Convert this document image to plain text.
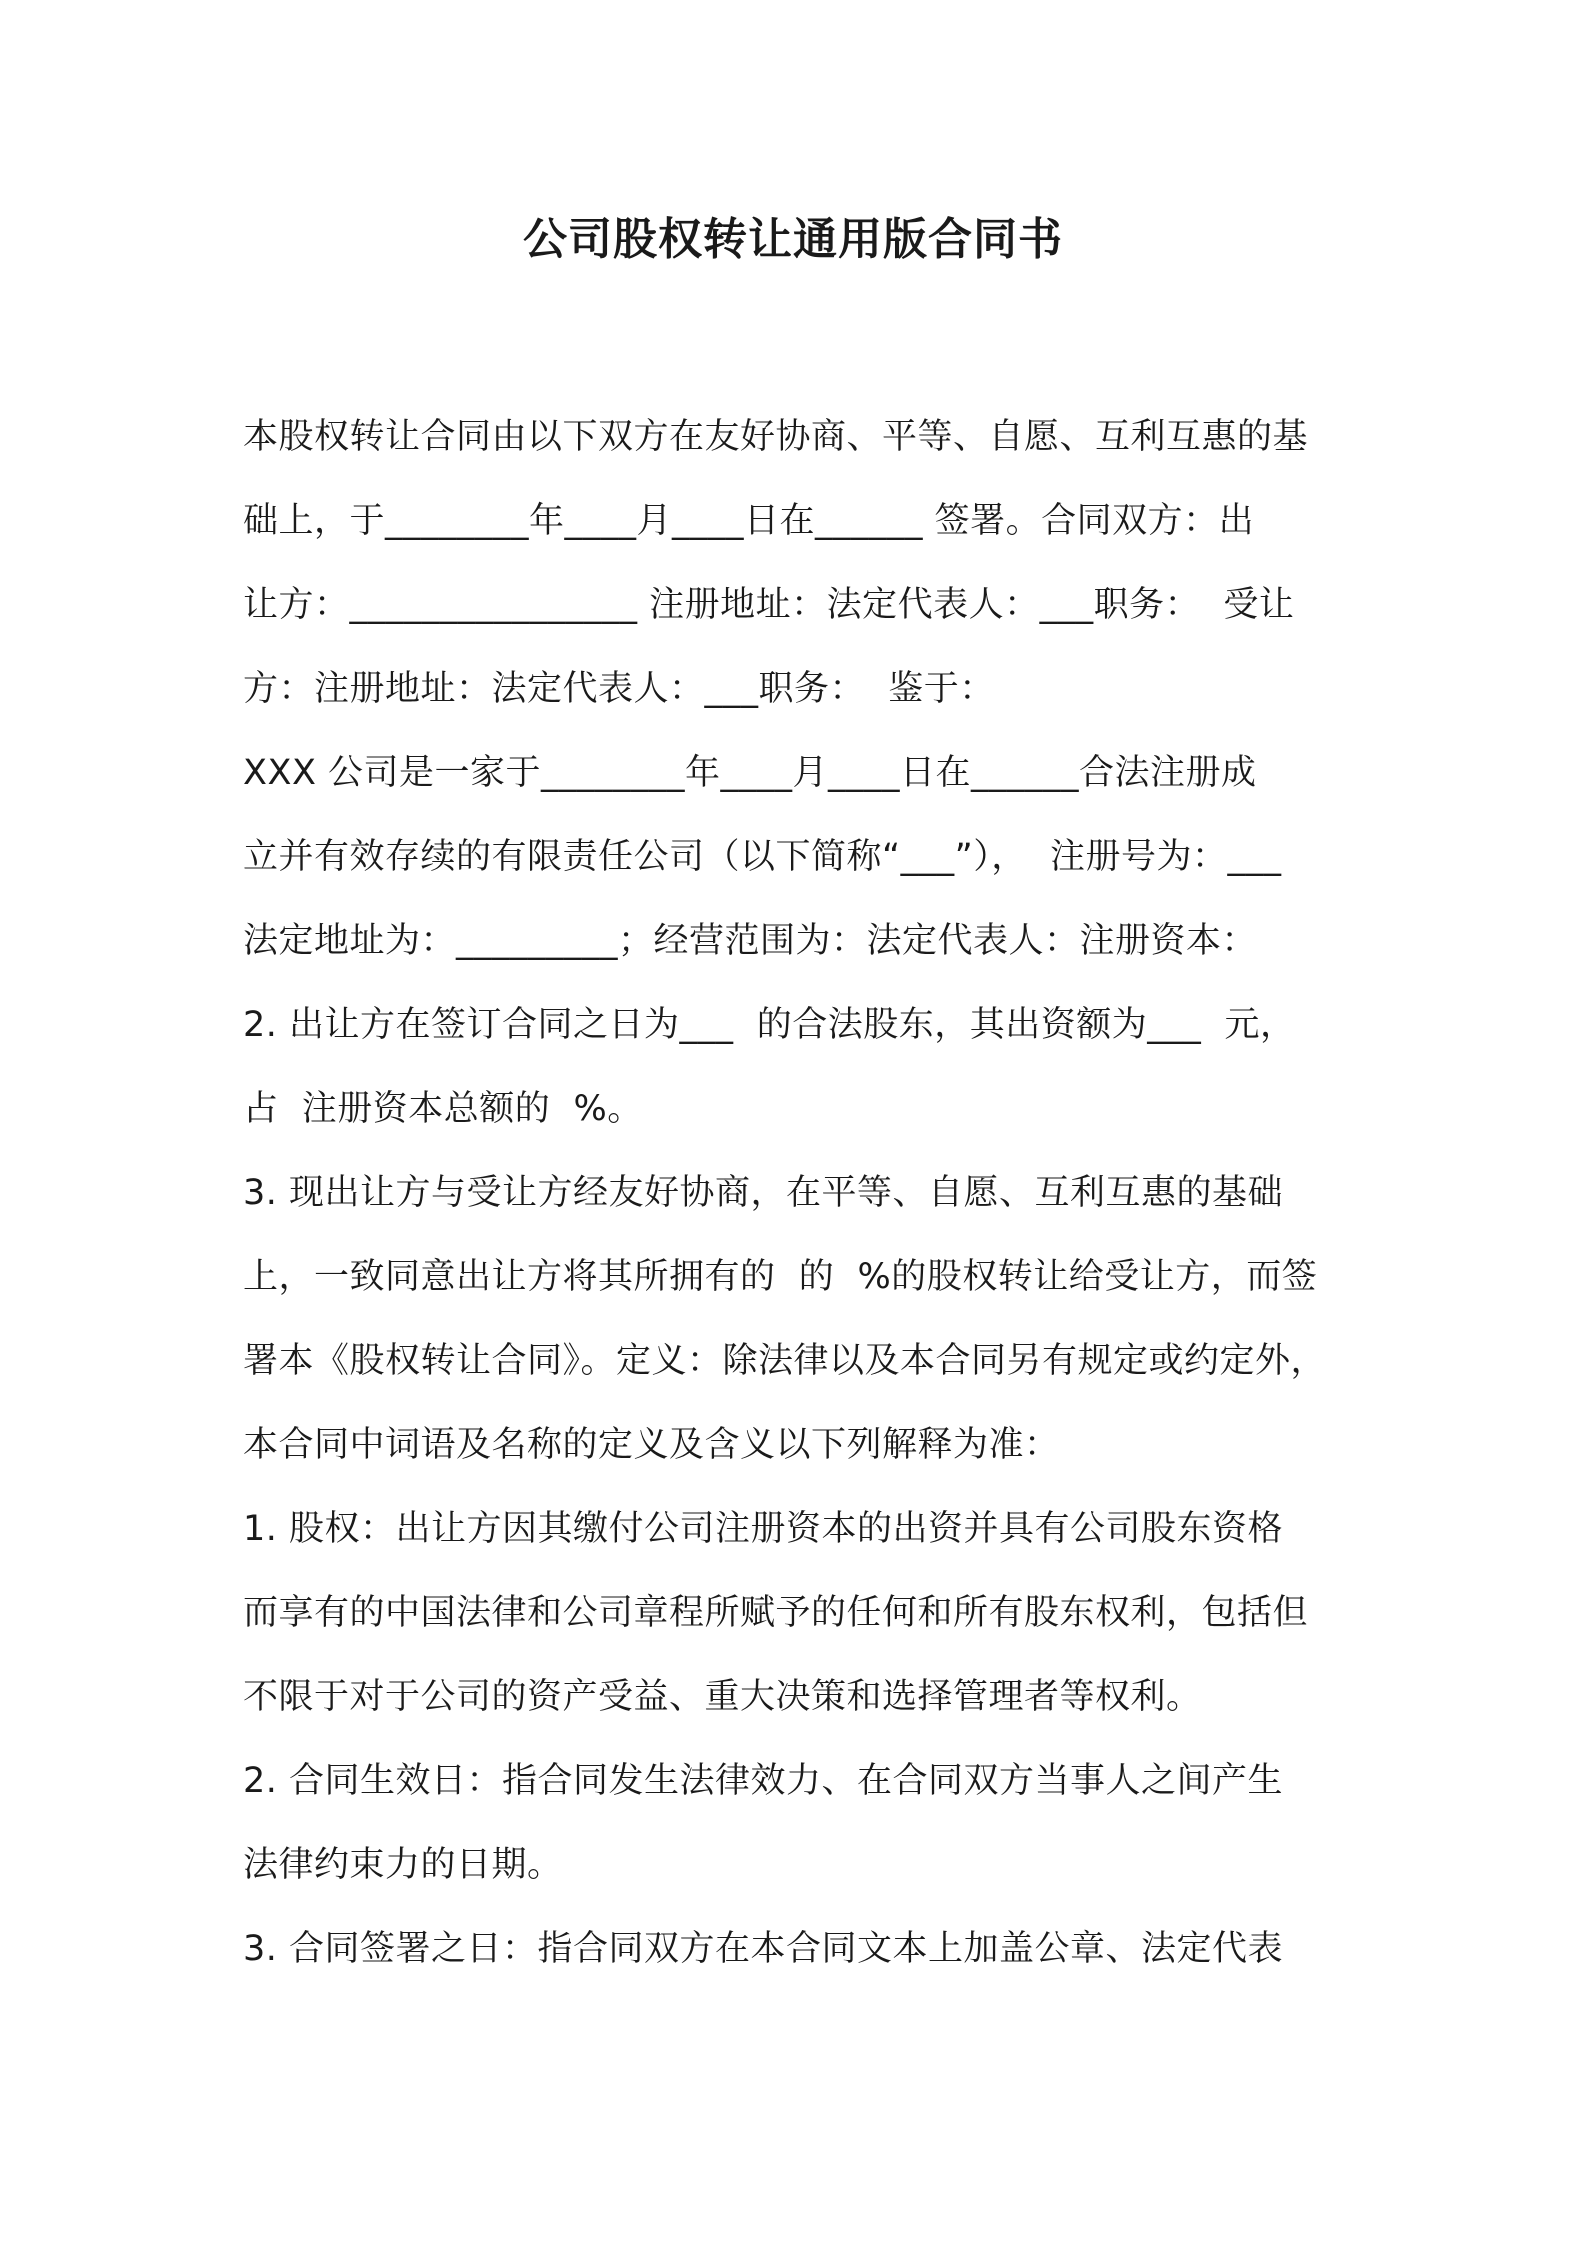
公司股权转让通用版合同书
本股权转让合同由以下双方在友好协商、平等、自愿、互利互惠的基
础上，于________年____月____日在______ 签署。合同双方：出
让方：________________ 注册地址：法定代表人：___职务：  受让
方：注册地址：法定代表人：___职务：  鉴于：
XXX 公司是一家于________年____月____日在______合法注册成
立并有效存续的有限责任公司（以下简称“___”），  注册号为：___
法定地址为：_________；经营范围为：法定代表人：注册资本：
2. 出让方在签订合同之日为___  的合法股东，其出资额为___  元，
占  注册资本总额的  %。
3. 现出让方与受让方经友好协商，在平等、自愿、互利互惠的基础
上，一致同意出让方将其所拥有的  的  %的股权转让给受让方，而签
署本《股权转让合同》。定义：除法律以及本合同另有规定或约定外，
本合同中词语及名称的定义及含义以下列解释为准：
1. 股权：出让方因其缴付公司注册资本的出资并具有公司股东资格
而享有的中国法律和公司章程所赋予的任何和所有股东权利，包括但
不限于对于公司的资产受益、重大决策和选择管理者等权利。
2. 合同生效日：指合同发生法律效力、在合同双方当事人之间产生
法律约束力的日期。
3. 合同签署之日：指合同双方在本合同文本上加盖公章、法定代表
